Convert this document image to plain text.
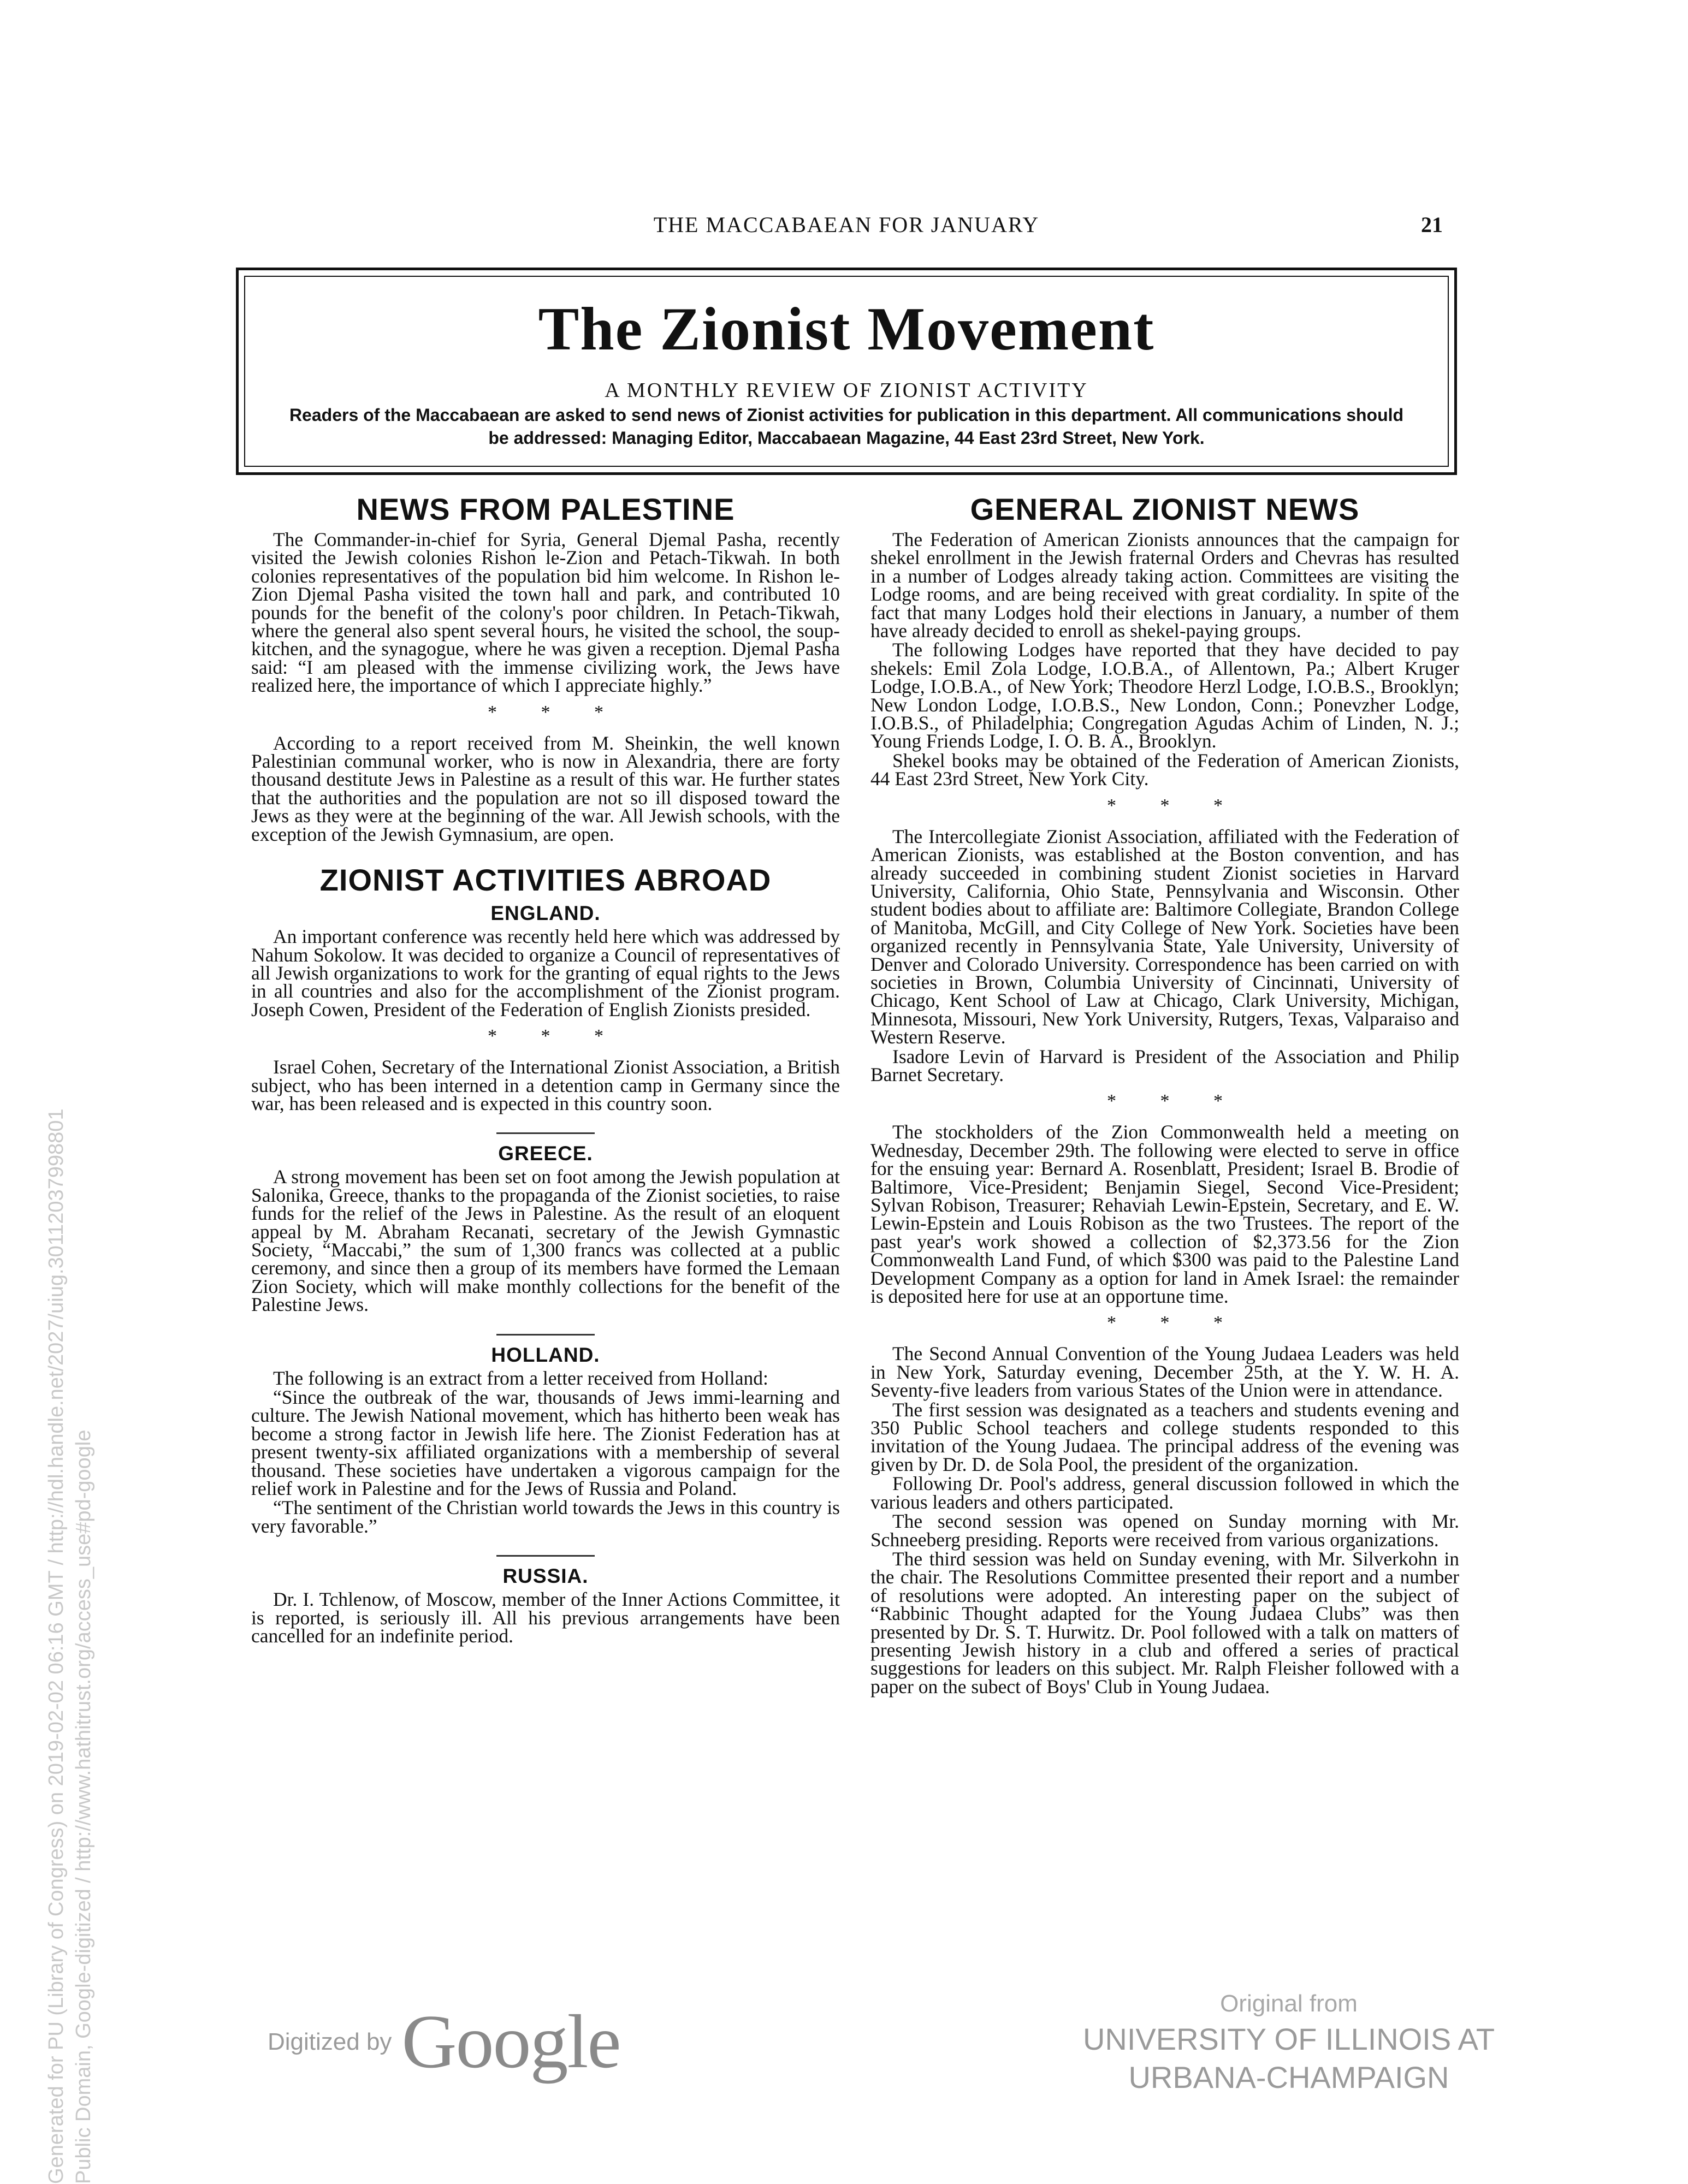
THE MACCABAEAN FOR JANUARY	21
The Zionist Movement
A MONTHLY REVIEW OF ZIONIST ACTIVITY
Readers of the Maccabaean are asked to send news of Zionist activities for publication in this department. All communications should be addressed: Managing Editor, Maccabaean Magazine, 44 East 23rd Street, New York.
NEWS FROM PALESTINE

The Commander-in-chief for Syria, General Djemal Pasha, recently visited the Jewish colonies Rishon le-Zion and Petach-Tikwah. In both colonies representatives of the population bid him welcome. In Rishon le-Zion Djemal Pasha visited the town hall and park, and contributed 10 pounds for the benefit of the colony's poor children. In Petach-Tikwah, where the general also spent several hours, he visited the school, the soup-kitchen, and the synagogue, where he was given a reception. Djemal Pasha said: “I am pleased with the immense civilizing work, the Jews have realized here, the importance of which I appreciate highly.”

* * *

According to a report received from M. Sheinkin, the well known Palestinian communal worker, who is now in Alexandria, there are forty thousand destitute Jews in Palestine as a result of this war. He further states that the authorities and the population are not so ill disposed toward the Jews as they were at the beginning of the war. All Jewish schools, with the exception of the Jewish Gymnasium, are open.

ZIONIST ACTIVITIES ABROAD
ENGLAND.

An important conference was recently held here which was addressed by Nahum Sokolow. It was decided to organize a Council of representatives of all Jewish organizations to work for the granting of equal rights to the Jews in all countries and also for the accomplishment of the Zionist program. Joseph Cowen, President of the Federation of English Zionists presided.

* * *

Israel Cohen, Secretary of the International Zionist Association, a British subject, who has been interned in a detention camp in Germany since the war, has been released and is expected in this country soon.

GREECE.

A strong movement has been set on foot among the Jewish population at Salonika, Greece, thanks to the propaganda of the Zionist societies, to raise funds for the relief of the Jews in Palestine. As the result of an eloquent appeal by M. Abraham Recanati, secretary of the Jewish Gymnastic Society, “Maccabi,” the sum of 1,300 francs was collected at a public ceremony, and since then a group of its members have formed the Lemaan Zion Society, which will make monthly collections for the benefit of the Palestine Jews.

HOLLAND.

The following is an extract from a letter received from Holland:

“Since the outbreak of the war, thousands of Jews immi-learning and culture. The Jewish National movement, which has hitherto been weak has become a strong factor in Jewish life here. The Zionist Federation has at present twenty-six affiliated organizations with a membership of several thousand. These societies have undertaken a vigorous campaign for the relief work in Palestine and for the Jews of Russia and Poland.

“The sentiment of the Christian world towards the Jews in this country is very favorable.”

RUSSIA.

Dr. I. Tchlenow, of Moscow, member of the Inner Actions Committee, it is reported, is seriously ill. All his previous arrangements have been cancelled for an indefinite period.

GENERAL ZIONIST NEWS

The Federation of American Zionists announces that the campaign for shekel enrollment in the Jewish fraternal Orders and Chevras has resulted in a number of Lodges already taking action. Committees are visiting the Lodge rooms, and are being received with great cordiality. In spite of the fact that many Lodges hold their elections in January, a number of them have already decided to enroll as shekel-paying groups.

The following Lodges have reported that they have decided to pay shekels: Emil Zola Lodge, I.O.B.A., of Allentown, Pa.; Albert Kruger Lodge, I.O.B.A., of New York; Theodore Herzl Lodge, I.O.B.S., Brooklyn; New London Lodge, I.O.B.S., New London, Conn.; Ponevzher Lodge, I.O.B.S., of Philadelphia; Congregation Agudas Achim of Linden, N. J.; Young Friends Lodge, I. O. B. A., Brooklyn.

Shekel books may be obtained of the Federation of American Zionists, 44 East 23rd Street, New York City.

* * *

The Intercollegiate Zionist Association, affiliated with the Federation of American Zionists, was established at the Boston convention, and has already succeeded in combining student Zionist societies in Harvard University, California, Ohio State, Pennsylvania and Wisconsin. Other student bodies about to affiliate are: Baltimore Collegiate, Brandon College of Manitoba, McGill, and City College of New York. Societies have been organized recently in Pennsylvania State, Yale University, University of Denver and Colorado University. Correspondence has been carried on with societies in Brown, Columbia University of Cincinnati, University of Chicago, Kent School of Law at Chicago, Clark University, Michigan, Minnesota, Missouri, New York University, Rutgers, Texas, Valparaiso and Western Reserve.

Isadore Levin of Harvard is President of the Association and Philip Barnet Secretary.

* * *

The stockholders of the Zion Commonwealth held a meeting on Wednesday, December 29th. The following were elected to serve in office for the ensuing year: Bernard A. Rosenblatt, President; Israel B. Brodie of Baltimore, Vice-President; Benjamin Siegel, Second Vice-President; Sylvan Robison, Treasurer; Rehaviah Lewin-Epstein, Secretary, and E. W. Lewin-Epstein and Louis Robison as the two Trustees. The report of the past year's work showed a collection of $2,373.56 for the Zion Commonwealth Land Fund, of which $300 was paid to the Palestine Land Development Company as a option for land in Amek Israel: the remainder is deposited here for use at an opportune time.

* * *

The Second Annual Convention of the Young Judaea Leaders was held in New York, Saturday evening, December 25th, at the Y. W. H. A. Seventy-five leaders from various States of the Union were in attendance.

The first session was designated as a teachers and students evening and 350 Public School teachers and college students responded to this invitation of the Young Judaea. The principal address of the evening was given by Dr. D. de Sola Pool, the president of the organization.

Following Dr. Pool's address, general discussion followed in which the various leaders and others participated.

The second session was opened on Sunday morning with Mr. Schneeberg presiding. Reports were received from various organizations.

The third session was held on Sunday evening, with Mr. Silverkohn in the chair. The Resolutions Committee presented their report and a number of resolutions were adopted. An interesting paper on the subject of “Rabbinic Thought adapted for the Young Judaea Clubs” was then presented by Dr. S. T. Hurwitz. Dr. Pool followed with a talk on matters of presenting Jewish history in a club and offered a series of practical suggestions for leaders on this subject. Mr. Ralph Fleisher followed with a paper on the subect of Boys' Club in Young Judaea.

Generated for PU (Library of Congress) on 2019-02-02 06:16 GMT / http://hdl.handle.net/2027/uiug.30112037998801 Public Domain, Google-digitized / http://www.hathitrust.org/access_use#pd-google	Digitized by Google	Original from
UNIVERSITY OF ILLINOIS AT
URBANA-CHAMPAIGN
